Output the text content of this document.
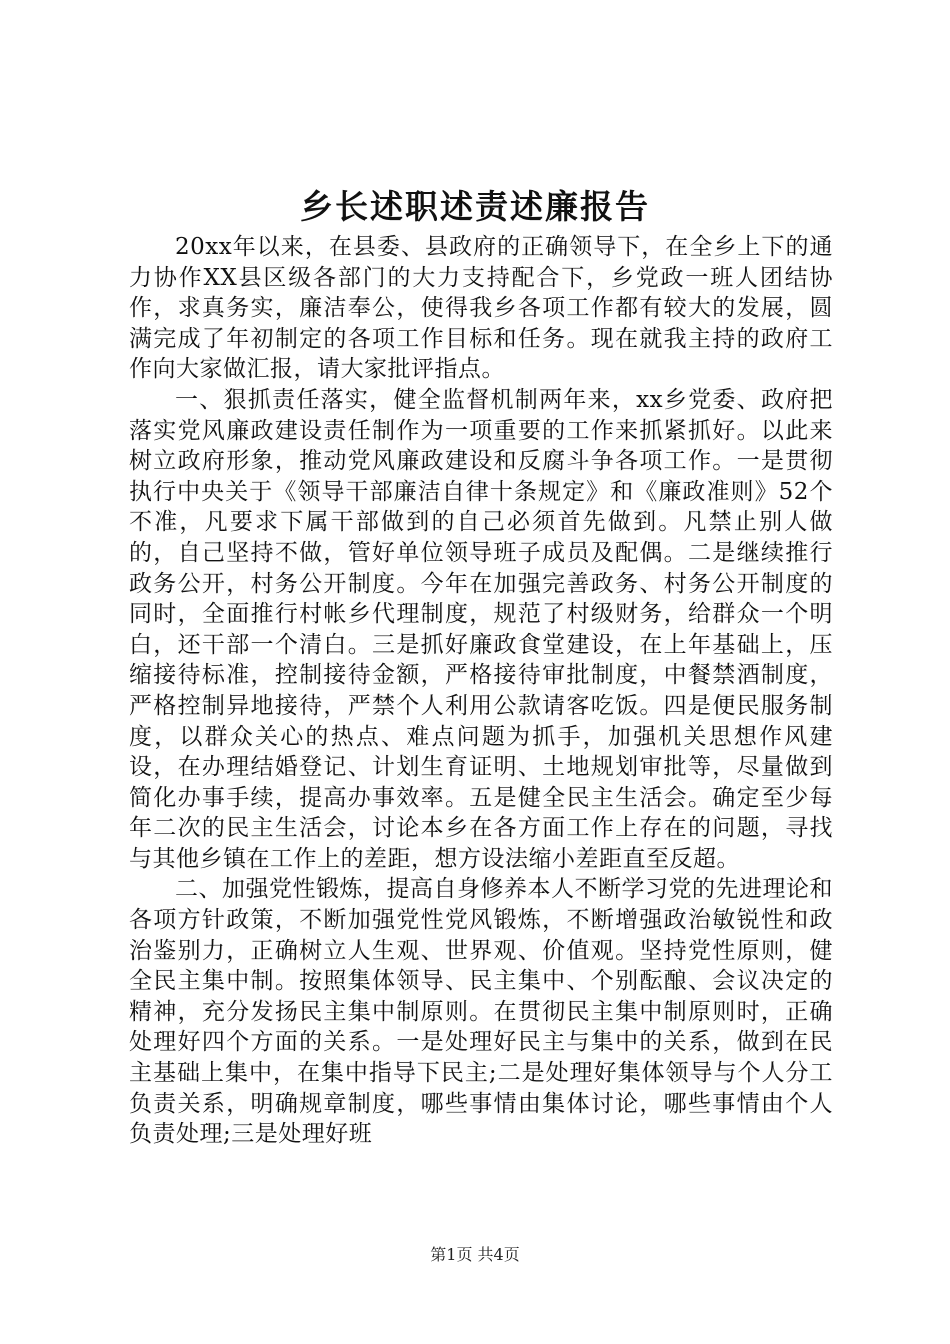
乡长述职述责述廉报告

20xx年以来，在县委、县政府的正确领导下，在全乡上下的通力协作XX县区级各部门的大力支持配合下，乡党政一班人团结协作，求真务实，廉洁奉公，使得我乡各项工作都有较大的发展，圆满完成了年初制定的各项工作目标和任务。现在就我主持的政府工作向大家做汇报，请大家批评指点。

一、狠抓责任落实，健全监督机制两年来，xx乡党委、政府把落实党风廉政建设责任制作为一项重要的工作来抓紧抓好。以此来树立政府形象，推动党风廉政建设和反腐斗争各项工作。一是贯彻执行中央关于《领导干部廉洁自律十条规定》和《廉政准则》52个不准，凡要求下属干部做到的自己必须首先做到。凡禁止别人做的，自己坚持不做，管好单位领导班子成员及配偶。二是继续推行政务公开，村务公开制度。今年在加强完善政务、村务公开制度的同时，全面推行村帐乡代理制度，规范了村级财务，给群众一个明白，还干部一个清白。三是抓好廉政食堂建设，在上年基础上，压缩接待标准，控制接待金额，严格接待审批制度，中餐禁酒制度，严格控制异地接待，严禁个人利用公款请客吃饭。四是便民服务制度，以群众关心的热点、难点问题为抓手，加强机关思想作风建设，在办理结婚登记、计划生育证明、土地规划审批等，尽量做到简化办事手续，提高办事效率。五是健全民主生活会。确定至少每年二次的民主生活会，讨论本乡在各方面工作上存在的问题，寻找与其他乡镇在工作上的差距，想方设法缩小差距直至反超。

二、加强党性锻炼，提高自身修养本人不断学习党的先进理论和各项方针政策，不断加强党性党风锻炼，不断增强政治敏锐性和政治鉴别力，正确树立人生观、世界观、价值观。坚持党性原则，健全民主集中制。按照集体领导、民主集中、个别酝酿、会议决定的精神，充分发扬民主集中制原则。在贯彻民主集中制原则时，正确处理好四个方面的关系。一是处理好民主与集中的关系，做到在民主基础上集中，在集中指导下民主;二是处理好集体领导与个人分工负责关系，明确规章制度，哪些事情由集体讨论，哪些事情由个人负责处理;三是处理好班

第1页 共4页
